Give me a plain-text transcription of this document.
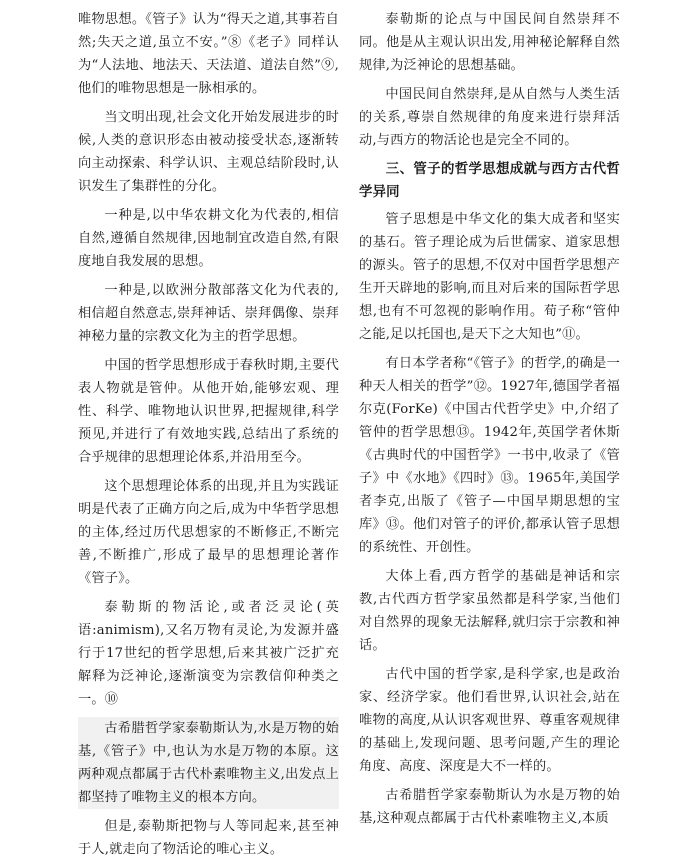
唯物思想。《管子》认为“得天之道,其事若自然;失天之道,虽立不安。”⑧《老子》同样认为“人法地、地法天、天法道、道法自然”⑨,他们的唯物思想是一脉相承的。

当文明出现,社会文化开始发展进步的时候,人类的意识形态由被动接受状态,逐渐转向主动探索、科学认识、主观总结阶段时,认识发生了集群性的分化。

一种是,以中华农耕文化为代表的,相信自然,遵循自然规律,因地制宜改造自然,有限度地自我发展的思想。

一种是,以欧洲分散部落文化为代表的,相信超自然意志,崇拜神话、崇拜偶像、崇拜神秘力量的宗教文化为主的哲学思想。

中国的哲学思想形成于春秋时期,主要代表人物就是管仲。从他开始,能够宏观、理性、科学、唯物地认识世界,把握规律,科学预见,并进行了有效地实践,总结出了系统的合乎规律的思想理论体系,并沿用至今。

这个思想理论体系的出现,并且为实践证明是代表了正确方向之后,成为中华哲学思想的主体,经过历代思想家的不断修正,不断完善,不断推广,形成了最早的思想理论著作《管子》。

泰勒斯的物活论,或者泛灵论(英语:animism),又名万物有灵论,为发源并盛行于17世纪的哲学思想,后来其被广泛扩充解释为泛神论,逐渐演变为宗教信仰种类之一。⑩

古希腊哲学家泰勒斯认为,水是万物的始基,《管子》中,也认为水是万物的本原。这两种观点都属于古代朴素唯物主义,出发点上都坚持了唯物主义的根本方向。

但是,泰勒斯把物与人等同起来,甚至神于人,就走向了物活论的唯心主义。

泰勒斯的论点与中国民间自然崇拜不同。他是从主观认识出发,用神秘论解释自然规律,为泛神论的思想基础。

中国民间自然崇拜,是从自然与人类生活的关系,尊崇自然规律的角度来进行崇拜活动,与西方的物活论也是完全不同的。

三、管子的哲学思想成就与西方古代哲学异同

管子思想是中华文化的集大成者和坚实的基石。管子理论成为后世儒家、道家思想的源头。管子的思想,不仅对中国哲学思想产生开天辟地的影响,而且对后来的国际哲学思想,也有不可忽视的影响作用。荀子称“管仲之能,足以托国也,是天下之大知也”⑪。

有日本学者称“《管子》的哲学,的确是一种天人相关的哲学”⑫。1927年,德国学者福尔克(ForKe)《中国古代哲学史》中,介绍了管仲的哲学思想⑬。1942年,英国学者休斯《古典时代的中国哲学》一书中,收录了《管子》中《水地》《四时》⑬。1965年,美国学者李克,出版了《管子—中国早期思想的宝库》⑬。他们对管子的评价,都承认管子思想的系统性、开创性。

大体上看,西方哲学的基础是神话和宗教,古代西方哲学家虽然都是科学家,当他们对自然界的现象无法解释,就归宗于宗教和神话。

古代中国的哲学家,是科学家,也是政治家、经济学家。他们看世界,认识社会,站在唯物的高度,从认识客观世界、尊重客观规律的基础上,发现问题、思考问题,产生的理论角度、高度、深度是大不一样的。

古希腊哲学家泰勒斯认为水是万物的始基,这种观点都属于古代朴素唯物主义,本质
